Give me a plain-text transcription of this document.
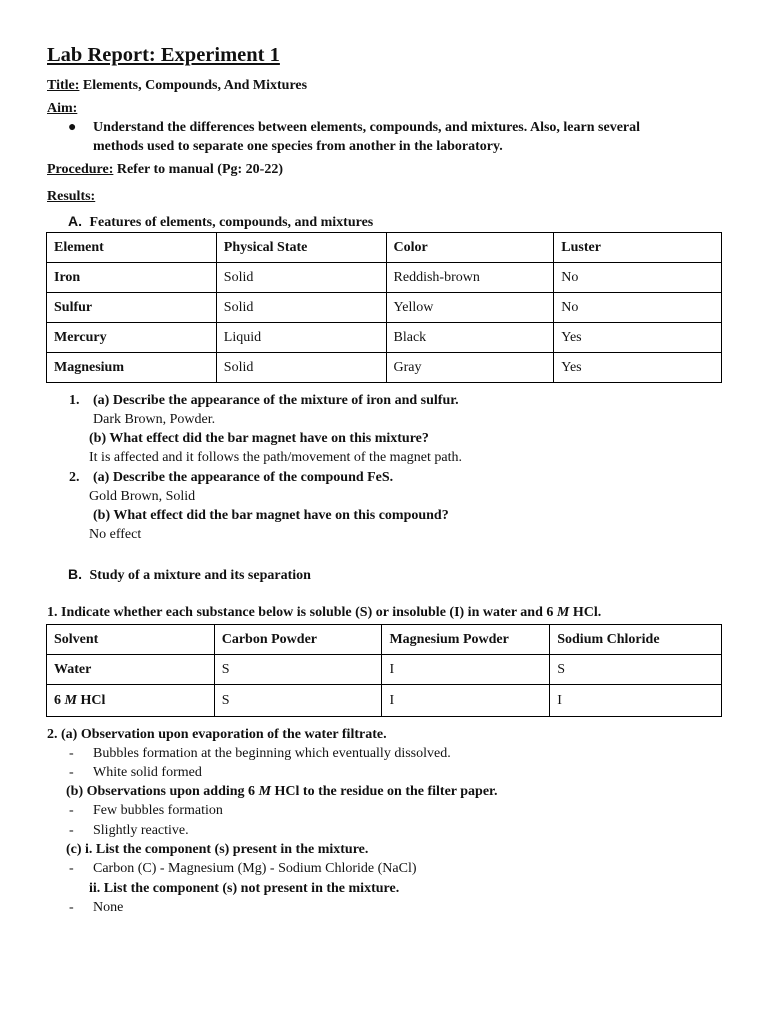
Lab Report: Experiment 1
Title: Elements, Compounds, And Mixtures
Aim:
● Understand the differences between elements, compounds, and mixtures. Also, learn several
methods used to separate one species from another in the laboratory.
Procedure: Refer to manual (Pg: 20-22)
Results:
A. Features of elements, compounds, and mixtures
Element	Physical State	Color	Luster
Iron	Solid	Reddish-brown	No
Sulfur	Solid	Yellow	No
Mercury	Liquid	Black	Yes
Magnesium	Solid	Gray	Yes
1. (a) Describe the appearance of the mixture of iron and sulfur.
Dark Brown, Powder.
(b) What effect did the bar magnet have on this mixture?
It is affected and it follows the path/movement of the magnet path.
2. (a) Describe the appearance of the compound FeS.
Gold Brown, Solid
(b) What effect did the bar magnet have on this compound?
No effect
B. Study of a mixture and its separation
1. Indicate whether each substance below is soluble (S) or insoluble (I) in water and 6 M HCl.
Solvent	Carbon Powder	Magnesium Powder	Sodium Chloride
Water	S	I	S
6 M HCl	S	I	I
2. (a) Observation upon evaporation of the water filtrate.
- Bubbles formation at the beginning which eventually dissolved.
- White solid formed
(b) Observations upon adding 6 M HCl to the residue on the filter paper.
- Few bubbles formation
- Slightly reactive.
(c) i. List the component (s) present in the mixture.
- Carbon (C) - Magnesium (Mg) - Sodium Chloride (NaCl)
ii. List the component (s) not present in the mixture.
- None
